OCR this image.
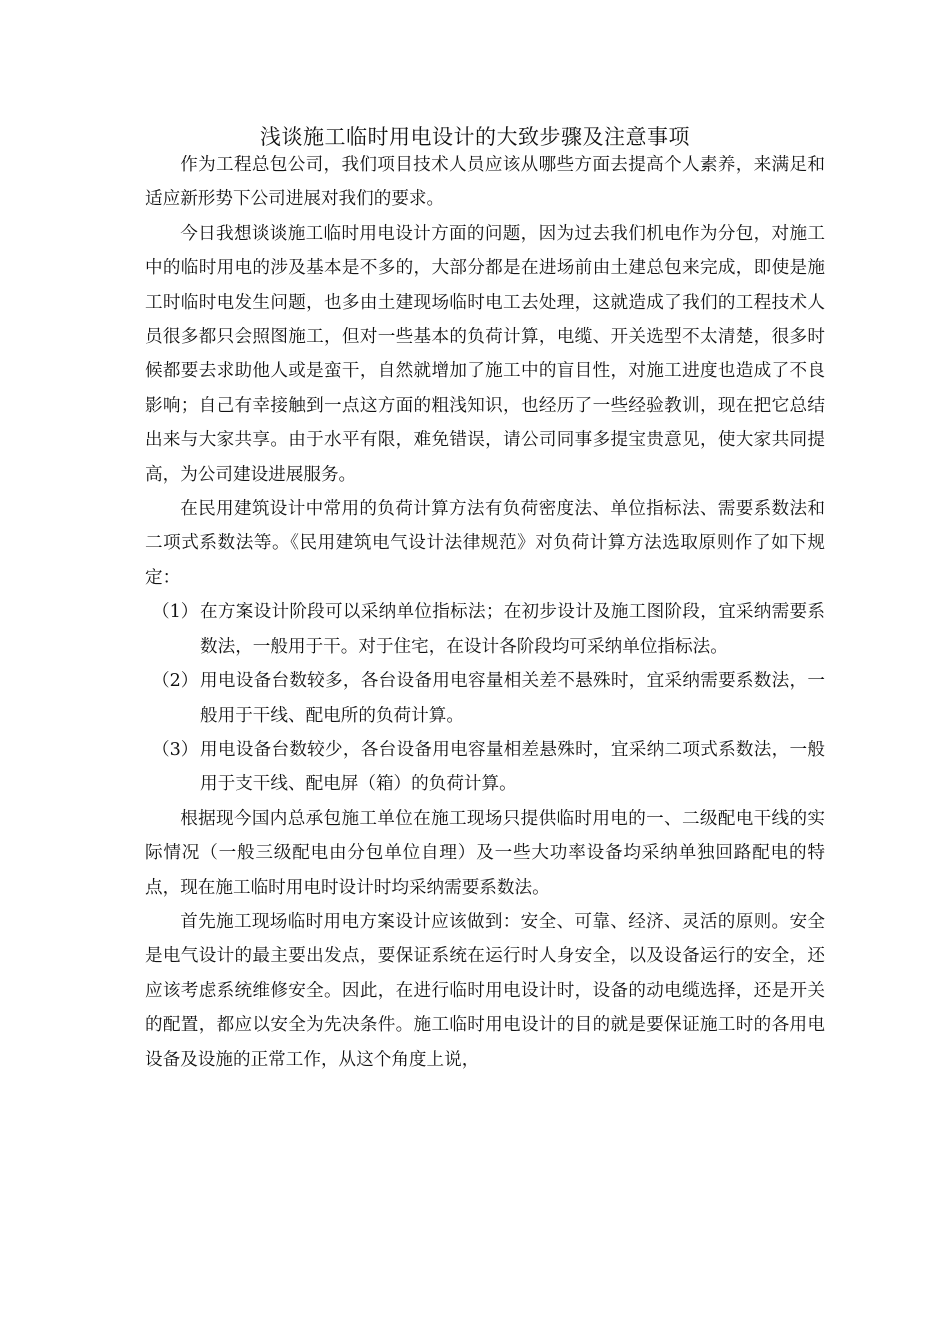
浅谈施工临时用电设计的大致步骤及注意事项

作为工程总包公司，我们项目技术人员应该从哪些方面去提高个人素养，来满足和适应新形势下公司进展对我们的要求。

今日我想谈谈施工临时用电设计方面的问题，因为过去我们机电作为分包，对施工中的临时用电的涉及基本是不多的，大部分都是在进场前由土建总包来完成，即使是施工时临时电发生问题，也多由土建现场临时电工去处理，这就造成了我们的工程技术人员很多都只会照图施工，但对一些基本的负荷计算，电缆、开关选型不太清楚，很多时候都要去求助他人或是蛮干，自然就增加了施工中的盲目性，对施工进度也造成了不良影响；自己有幸接触到一点这方面的粗浅知识，也经历了一些经验教训，现在把它总结出来与大家共享。由于水平有限，难免错误，请公司同事多提宝贵意见，使大家共同提高，为公司建设进展服务。

在民用建筑设计中常用的负荷计算方法有负荷密度法、单位指标法、需要系数法和二项式系数法等。《民用建筑电气设计法律规范》对负荷计算方法选取原则作了如下规定：

（1） 在方案设计阶段可以采纳单位指标法；在初步设计及施工图阶段，宜采纳需要系数法，一般用于干。对于住宅，在设计各阶段均可采纳单位指标法。
（2） 用电设备台数较多，各台设备用电容量相关差不悬殊时，宜采纳需要系数法，一般用于干线、配电所的负荷计算。
（3） 用电设备台数较少，各台设备用电容量相差悬殊时，宜采纳二项式系数法，一般用于支干线、配电屏（箱）的负荷计算。

根据现今国内总承包施工单位在施工现场只提供临时用电的一、二级配电干线的实际情况（一般三级配电由分包单位自理）及一些大功率设备均采纳单独回路配电的特点，现在施工临时用电时设计时均采纳需要系数法。

首先施工现场临时用电方案设计应该做到：安全、可靠、经济、灵活的原则。安全是电气设计的最主要出发点，要保证系统在运行时人身安全，以及设备运行的安全，还应该考虑系统维修安全。因此，在进行临时用电设计时，设备的动电缆选择，还是开关的配置，都应以安全为先决条件。施工临时用电设计的目的就是要保证施工时的各用电设备及设施的正常工作，从这个角度上说，
